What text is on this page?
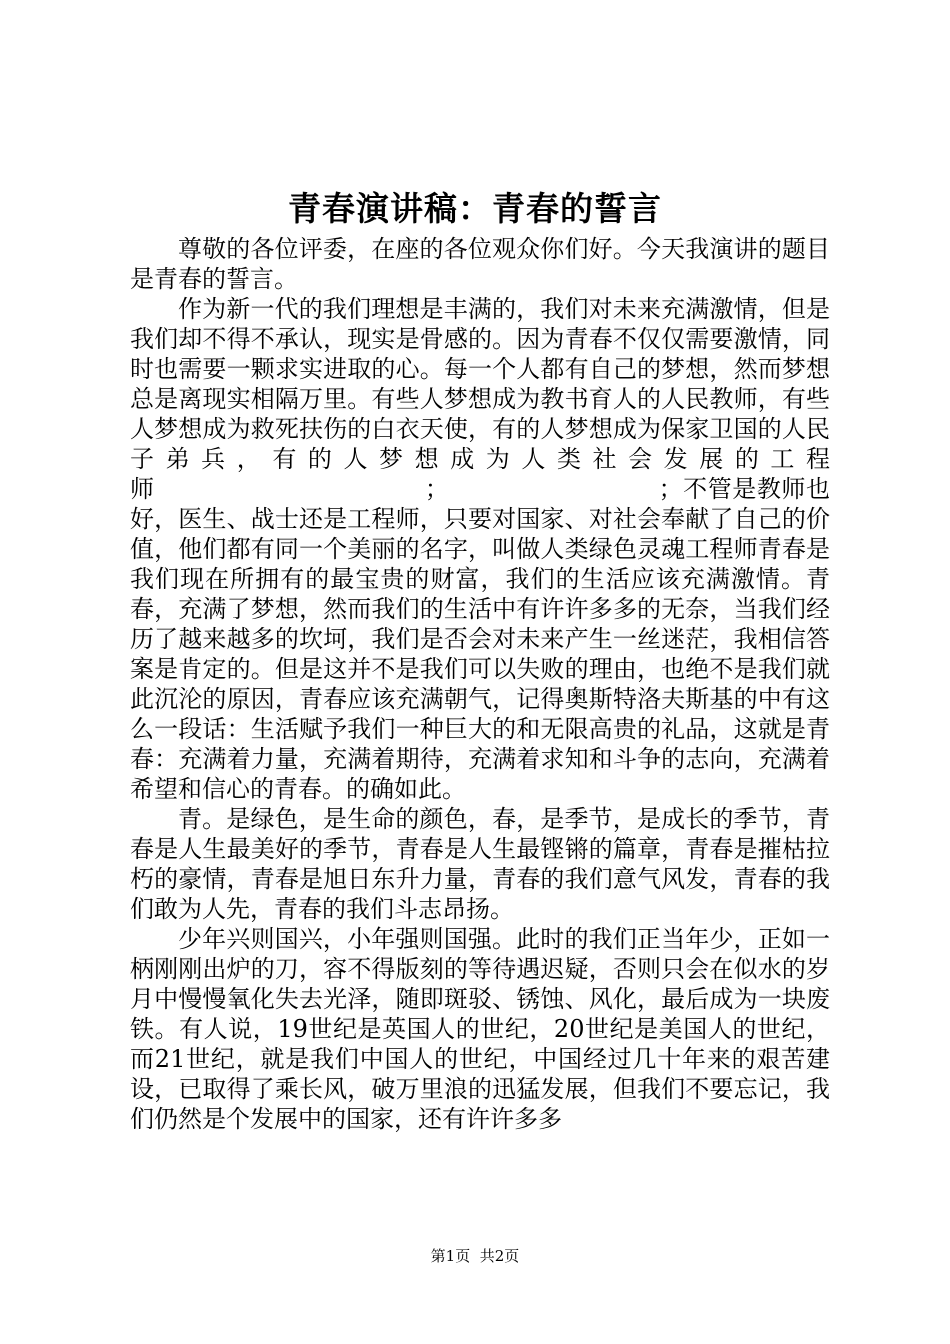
青春演讲稿：青春的誓言

尊敬的各位评委，在座的各位观众你们好。今天我演讲的题目是青春的誓言。

作为新一代的我们理想是丰满的，我们对未来充满激情，但是我们却不得不承认，现实是骨感的。因为青春不仅仅需要激情，同时也需要一颗求实进取的心。每一个人都有自己的梦想，然而梦想总是离现实相隔万里。有些人梦想成为教书育人的人民教师，有些人梦想成为救死扶伤的白衣天使，有的人梦想成为保家卫国的人民子弟兵，有的人梦想成为人类社会发展的工程师　　　　　　　　　　　；　　　　　　　　　；不管是教师也好，医生、战士还是工程师，只要对国家、对社会奉献了自己的价值，他们都有同一个美丽的名字，叫做人类绿色灵魂工程师青春是我们现在所拥有的最宝贵的财富，我们的生活应该充满激情。青春，充满了梦想，然而我们的生活中有许许多多的无奈，当我们经历了越来越多的坎坷，我们是否会对未来产生一丝迷茫，我相信答案是肯定的。但是这并不是我们可以失败的理由，也绝不是我们就此沉沦的原因，青春应该充满朝气，记得奥斯特洛夫斯基的中有这么一段话：生活赋予我们一种巨大的和无限高贵的礼品，这就是青春：充满着力量，充满着期待，充满着求知和斗争的志向，充满着希望和信心的青春。的确如此。

青。是绿色，是生命的颜色，春，是季节，是成长的季节，青春是人生最美好的季节，青春是人生最铿锵的篇章，青春是摧枯拉朽的豪情，青春是旭日东升力量，青春的我们意气风发，青春的我们敢为人先，青春的我们斗志昂扬。

少年兴则国兴，小年强则国强。此时的我们正当年少，正如一柄刚刚出炉的刀，容不得版刻的等待遇迟疑，否则只会在似水的岁月中慢慢氧化失去光泽，随即斑驳、锈蚀、风化，最后成为一块废铁。有人说，19世纪是英国人的世纪，20世纪是美国人的世纪，而21世纪，就是我们中国人的世纪，中国经过几十年来的艰苦建设，已取得了乘长风，破万里浪的迅猛发展，但我们不要忘记，我们仍然是个发展中的国家，还有许许多多

第1页 共2页
